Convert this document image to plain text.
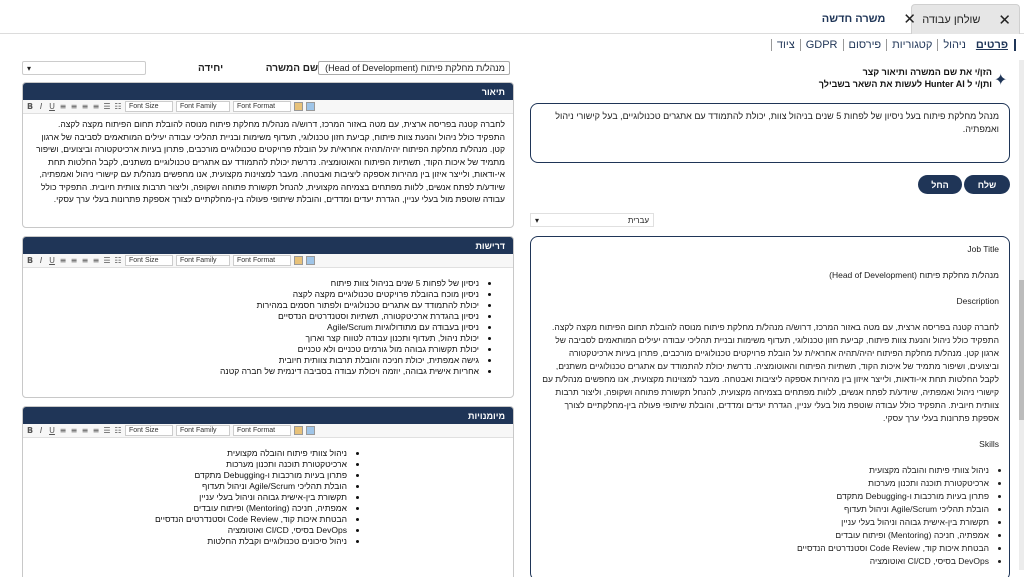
שולחן עבודה	✕
משרה חדשה	✕
פרטים
ניהול
קטגוריות
פירסום
GDPR
ציוד
מנהל/ת מחלקת פיתוח (Head of Development)
שם המשרה
יחידה
▾
תיאור
B I U ≡ ≡ ≡ ≡ ☰ ☷	Font Size	Font Family	Font Format
לחברה קטנה בפריסה ארצית, עם מטה באזור המרכז, דרוש/ה מנהל/ת מחלקת פיתוח מנוסה להובלת תחום הפיתוח מקצה לקצה. התפקיד כולל ניהול והנעת צוות פיתוח, קביעת חזון טכנולוגי, תעדוף משימות ובניית תהליכי עבודה יעילים המותאמים לסביבה של ארגון קטן. מנהל/ת מחלקת הפיתוח יהיה/תהיה אחראי/ת על הובלת פרויקטים טכנולוגיים מורכבים, פתרון בעיות ארכיטקטורה וביצועים, ושיפור מתמיד של איכות הקוד, תשתיות הפיתוח והאוטומציה. נדרשת יכולת להתמודד עם אתגרים טכנולוגיים משתנים, לקבל החלטות תחת אי-ודאות, ולייצר איזון בין מהירות אספקה ליציבות ואבטחה. מעבר למצוינות מקצועית, אנו מחפשים מנהל/ת עם קישורי ניהול ואמפתיה, שיודע/ת לפתח אנשים, ללוות מפתחים בצמיחה מקצועית, להנחל תקשורת פתוחה ושקופה, וליצור תרבות צוותית חיובית. התפקיד כולל עבודה שוטפת מול בעלי עניין, הגדרת יעדים ומדדים, והובלת שיתופי פעולה בין-מחלקתיים לצורך אספקת פתרונות בעלי ערך עסקי.
דרישות
B I U ≡ ≡ ≡ ≡ ☰ ☷	Font Size	Font Family	Font Format
• ניסיון של לפחות 5 שנים בניהול צוות פיתוח
• ניסיון מוכח בהובלת פרויקטים טכנולוגיים מקצה לקצה
• יכולת להתמודד עם אתגרים טכנולוגיים ולפתור חסמים במהירות
• ניסיון בהגדרת ארכיטקטורה, תשתיות וסטנדרטים הנדסיים
• ניסיון בעבודה עם מתודולוגיות Agile/Scrum
• יכולת ניהול, תעדוף ותכנון עבודה לטווח קצר וארוך
• יכולת תקשורת גבוהה מול גורמים טכניים ולא טכניים
• גישה אמפתית, יכולת חניכה והובלת תרבות צוותית חיובית
• אחריות אישית גבוהה, יוזמה ויכולת עבודה בסביבה דינמית של חברה קטנה
מיומנויות
B I U ≡ ≡ ≡ ≡ ☰ ☷	Font Size	Font Family	Font Format
• ניהול צוותי פיתוח והובלה מקצועית
• ארכיטקטורת תוכנה ותכנון מערכות
• פתרון בעיות מורכבות ו-Debugging מתקדם
• הובלת תהליכי Agile/Scrum וניהול תעדוף
• תקשורת בין-אישית גבוהה וניהול בעלי עניין
• אמפתיה, חניכה (Mentoring) ופיתוח עובדים
• הבטחת איכות קוד, Code Review וסטנדרטים הנדסיים
• DevOps בסיסי, CI/CD ואוטומציה
• ניהול סיכונים טכנולוגיים וקבלת החלטות
✦
הזן/י את שם המשרה ותיאור קצר
ותן/י ל Hunter AI לעשות את השאר בשבילך
מנהל מחלקת פיתוח בעל ניסיון של לפחות 5 שנים בניהול צוות, יכולת להתמודד עם אתגרים טכנולוגיים, בעל קישורי ניהול ואמפתיה.
שלח
החל
עברית
▾

Job Title

מנהל/ת מחלקת פיתוח (Head of Development)

Description

לחברה קטנה בפריסה ארצית, עם מטה באזור המרכז, דרוש/ה מנהל/ת מחלקת פיתוח מנוסה להובלת תחום הפיתוח מקצה לקצה. התפקיד כולל ניהול והנעת צוות פיתוח, קביעת חזון טכנולוגי, תעדוף משימות ובניית תהליכי עבודה יעילים המותאמים לסביבה של ארגון קטן. מנהל/ת מחלקת הפיתוח יהיה/תהיה אחראי/ת על הובלת פרויקטים טכנולוגיים מורכבים, פתרון בעיות ארכיטקטורה וביצועים, ושיפור מתמיד של איכות הקוד, תשתיות הפיתוח והאוטומציה. נדרשת יכולת להתמודד עם אתגרים טכנולוגיים משתנים, לקבל החלטות תחת אי-ודאות, ולייצר איזון בין מהירות אספקה ליציבות ואבטחה. מעבר למצוינות מקצועית, אנו מחפשים מנהל/ת עם קישורי ניהול ואמפתיה, שיודע/ת לפתח אנשים, ללוות מפתחים בצמיחה מקצועית, להנחל תקשורת פתוחה ושקופה, וליצור תרבות צוותית חיובית. התפקיד כולל עבודה שוטפת מול בעלי עניין, הגדרת יעדים ומדדים, והובלת שיתופי פעולה בין-מחלקתיים לצורך אספקת פתרונות בעלי ערך עסקי.

Skills

• ניהול צוותי פיתוח והובלה מקצועית
• ארכיטקטורת תוכנה ותכנון מערכות
• פתרון בעיות מורכבות ו-Debugging מתקדם
• הובלת תהליכי Agile/Scrum וניהול תעדוף
• תקשורת בין-אישית גבוהה וניהול בעלי עניין
• אמפתיה, חניכה (Mentoring) ופיתוח עובדים
• הבטחת איכות קוד, Code Review וסטנדרטים הנדסיים
• DevOps בסיסי, CI/CD ואוטומציה
